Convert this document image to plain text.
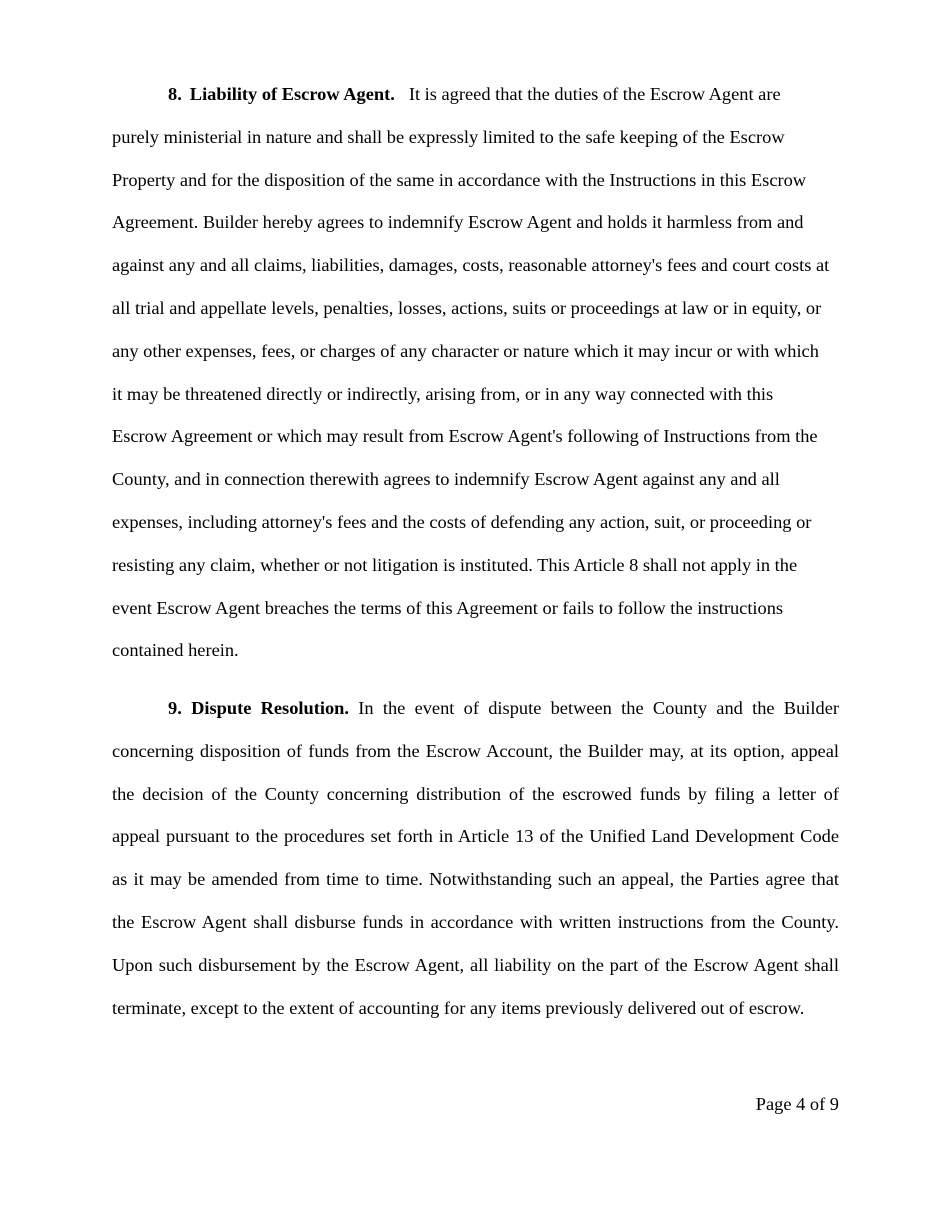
8. Liability of Escrow Agent. It is agreed that the duties of the Escrow Agent are
purely ministerial in nature and shall be expressly limited to the safe keeping of the Escrow
Property and for the disposition of the same in accordance with the Instructions in this Escrow
Agreement. Builder hereby agrees to indemnify Escrow Agent and holds it harmless from and
against any and all claims, liabilities, damages, costs, reasonable attorney's fees and court costs at
all trial and appellate levels, penalties, losses, actions, suits or proceedings at law or in equity, or
any other expenses, fees, or charges of any character or nature which it may incur or with which
it may be threatened directly or indirectly, arising from, or in any way connected with this
Escrow Agreement or which may result from Escrow Agent's following of Instructions from the
County, and in connection therewith agrees to indemnify Escrow Agent against any and all
expenses, including attorney's fees and the costs of defending any action, suit, or proceeding or
resisting any claim, whether or not litigation is instituted. This Article 8 shall not apply in the
event Escrow Agent breaches the terms of this Agreement or fails to follow the instructions
contained herein.
9. Dispute Resolution. In the event of dispute between the County and the Builder
concerning disposition of funds from the Escrow Account, the Builder may, at its option, appeal
the decision of the County concerning distribution of the escrowed funds by filing a letter of
appeal pursuant to the procedures set forth in Article 13 of the Unified Land Development Code
as it may be amended from time to time. Notwithstanding such an appeal, the Parties agree that
the Escrow Agent shall disburse funds in accordance with written instructions from the County.
Upon such disbursement by the Escrow Agent, all liability on the part of the Escrow Agent shall
terminate, except to the extent of accounting for any items previously delivered out of escrow.

Page 4 of 9
